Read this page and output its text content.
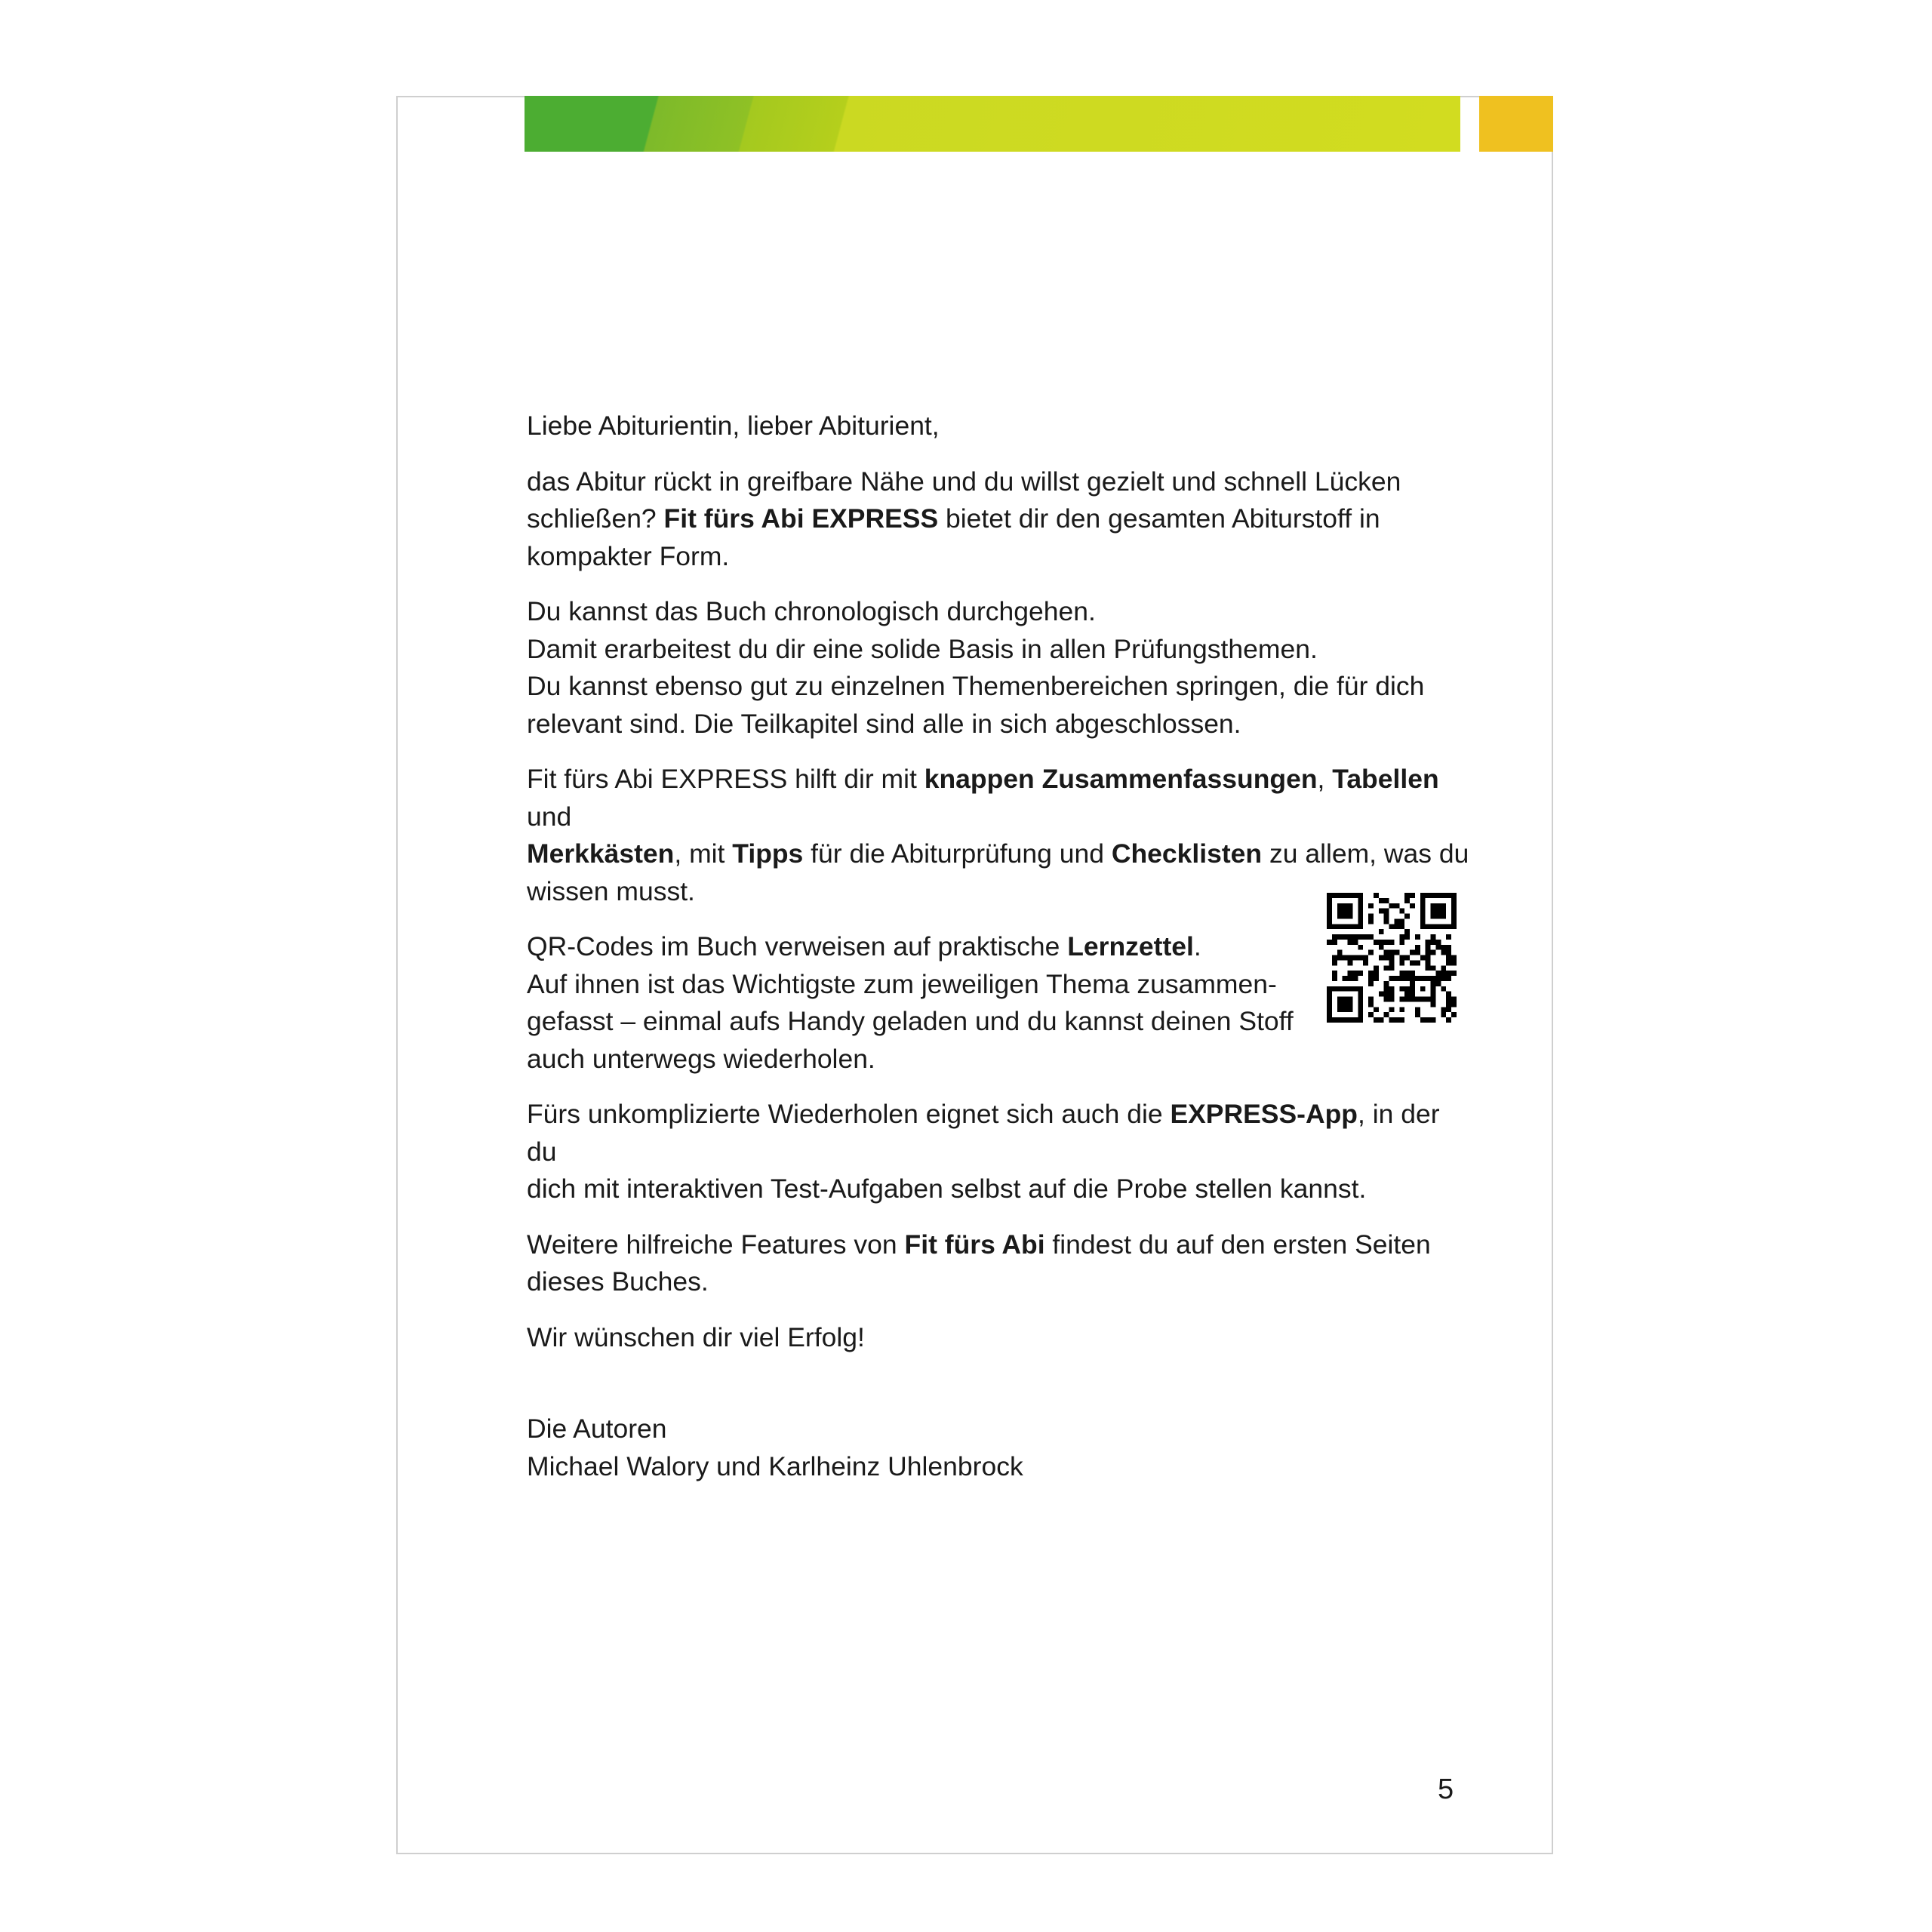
Liebe Abiturientin, lieber Abiturient,

das Abitur rückt in greifbare Nähe und du willst gezielt und schnell Lücken
schließen? Fit fürs Abi EXPRESS bietet dir den gesamten Abiturstoff in
kompakter Form.

Du kannst das Buch chronologisch durchgehen.
Damit erarbeitest du dir eine solide Basis in allen Prüfungsthemen.
Du kannst ebenso gut zu einzelnen Themenbereichen springen, die für dich
relevant sind. Die Teilkapitel sind alle in sich abgeschlossen.

Fit fürs Abi EXPRESS hilft dir mit knappen Zusammenfassungen, Tabellen und
Merkkästen, mit Tipps für die Abiturprüfung und Checklisten zu allem, was du
wissen musst.

QR-Codes im Buch verweisen auf praktische Lernzettel.
Auf ihnen ist das Wichtigste zum jeweiligen Thema zusammen-
gefasst – einmal aufs Handy geladen und du kannst deinen Stoff
auch unterwegs wiederholen.

Fürs unkomplizierte Wiederholen eignet sich auch die EXPRESS-App, in der du
dich mit interaktiven Test-Aufgaben selbst auf die Probe stellen kannst.

Weitere hilfreiche Features von Fit fürs Abi findest du auf den ersten Seiten
dieses Buches.

Wir wünschen dir viel Erfolg!

Die Autoren
Michael Walory und Karlheinz Uhlenbrock

5
